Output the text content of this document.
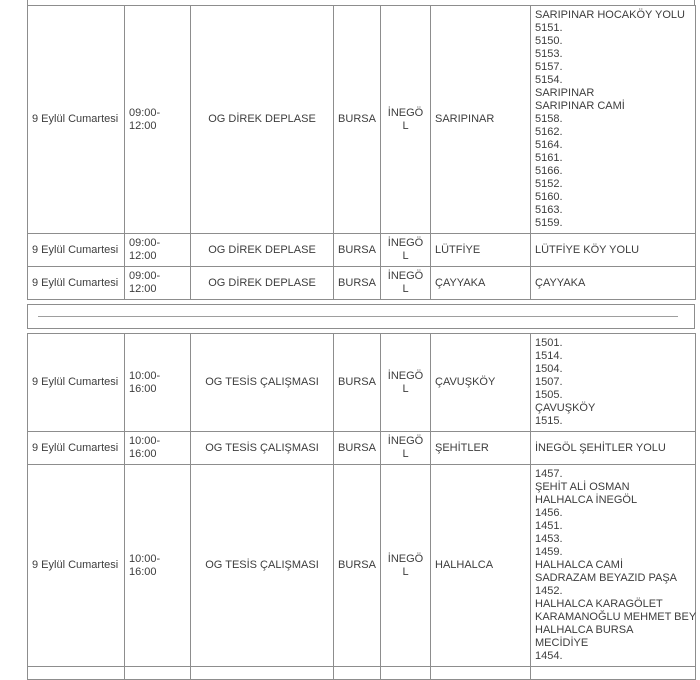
9 Eylül Cumartesi	09:00-12:00	OG DİREK DEPLASE	BURSA	İNEGÖL	SARIPINAR	
SARIPINAR HOCAKÖY YOLU
5151.
5150.
5153.
5157.
5154.
SARIPINAR
SARIPINAR CAMİ
5158.
5162.
5164.
5161.
5166.
5152.
5160.
5163.
5159.

9 Eylül Cumartesi	09:00-12:00	OG DİREK DEPLASE	BURSA	İNEGÖL	LÜTFİYE	LÜTFİYE KÖY YOLU

9 Eylül Cumartesi	09:00-12:00	OG DİREK DEPLASE	BURSA	İNEGÖL	ÇAYYAKA	ÇAYYAKA
9 Eylül Cumartesi	10:00-16:00	OG TESİS ÇALIŞMASI	BURSA	İNEGÖL	ÇAVUŞKÖY	
1501.
1514.
1504.
1507.
1505.
ÇAVUŞKÖY
1515.

9 Eylül Cumartesi	10:00-16:00	OG TESİS ÇALIŞMASI	BURSA	İNEGÖL	ŞEHİTLER	İNEGÖL ŞEHİTLER YOLU

9 Eylül Cumartesi	10:00-16:00	OG TESİS ÇALIŞMASI	BURSA	İNEGÖL	HALHALCA	
1457.
ŞEHİT ALİ OSMAN
HALHALCA İNEGÖL
1456.
1451.
1453.
1459.
HALHALCA CAMİ
SADRAZAM BEYAZID PAŞA
1452.
HALHALCA KARAGÖLET
KARAMANOĞLU MEHMET BEY
HALHALCA BURSA
MECİDİYE
1454.
